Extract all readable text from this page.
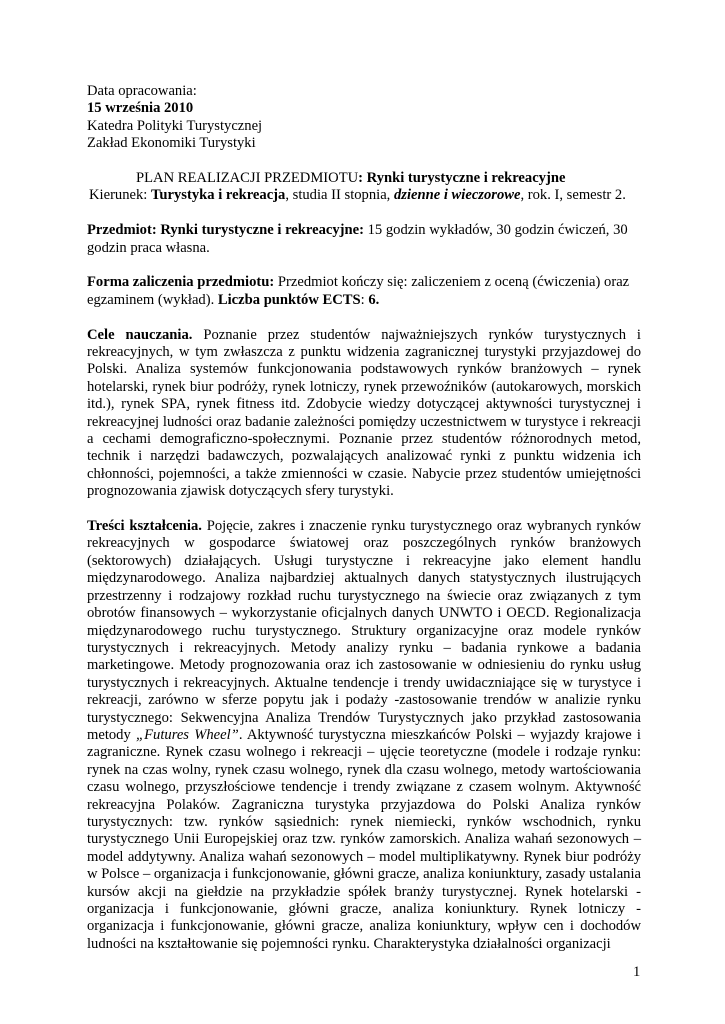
Data opracowania:
15 września 2010
Katedra Polityki Turystycznej
Zakład Ekonomiki Turystyki
PLAN REALIZACJI PRZEDMIOTU: Rynki turystyczne i rekreacyjne
Kierunek: Turystyka i rekreacja, studia II stopnia, dzienne i wieczorowe, rok. I, semestr 2.

Przedmiot: Rynki turystyczne i rekreacyjne: 15 godzin wykładów, 30 godzin ćwiczeń, 30 godzin praca własna.

Forma zaliczenia przedmiotu: Przedmiot kończy się: zaliczeniem z oceną (ćwiczenia) oraz egzaminem (wykład). Liczba punktów ECTS: 6.

Cele nauczania. Poznanie przez studentów najważniejszych rynków turystycznych i rekreacyjnych, w tym zwłaszcza z punktu widzenia zagranicznej turystyki przyjazdowej do Polski. Analiza systemów funkcjonowania podstawowych rynków branżowych – rynek hotelarski, rynek biur podróży, rynek lotniczy, rynek przewoźników (autokarowych, morskich itd.), rynek SPA, rynek fitness itd. Zdobycie wiedzy dotyczącej aktywności turystycznej i rekreacyjnej ludności oraz badanie zależności pomiędzy uczestnictwem w turystyce i rekreacji a cechami demograficzno-społecznymi. Poznanie przez studentów różnorodnych metod, technik i narzędzi badawczych, pozwalających analizować rynki z punktu widzenia ich chłonności, pojemności, a także zmienności w czasie. Nabycie przez studentów umiejętności prognozowania zjawisk dotyczących sfery turystyki.

Treści kształcenia. Pojęcie, zakres i znaczenie rynku turystycznego oraz wybranych rynków rekreacyjnych w gospodarce światowej oraz poszczególnych rynków branżowych (sektorowych) działających. Usługi turystyczne i rekreacyjne jako element handlu międzynarodowego. Analiza najbardziej aktualnych danych statystycznych ilustrujących przestrzenny i rodzajowy rozkład ruchu turystycznego na świecie oraz związanych z tym obrotów finansowych – wykorzystanie oficjalnych danych UNWTO i OECD. Regionalizacja międzynarodowego ruchu turystycznego. Struktury organizacyjne oraz modele rynków turystycznych i rekreacyjnych. Metody analizy rynku – badania rynkowe a badania marketingowe. Metody prognozowania oraz ich zastosowanie w odniesieniu do rynku usług turystycznych i rekreacyjnych. Aktualne tendencje i trendy uwidaczniające się w turystyce i rekreacji, zarówno w sferze popytu jak i podaży -zastosowanie trendów w analizie rynku turystycznego: Sekwencyjna Analiza Trendów Turystycznych jako przykład zastosowania metody „Futures Wheel”. Aktywność turystyczna mieszkańców Polski – wyjazdy krajowe i zagraniczne. Rynek czasu wolnego i rekreacji – ujęcie teoretyczne (modele i rodzaje rynku: rynek na czas wolny, rynek czasu wolnego, rynek dla czasu wolnego, metody wartościowania czasu wolnego, przyszłościowe tendencje i trendy związane z czasem wolnym. Aktywność rekreacyjna Polaków. Zagraniczna turystyka przyjazdowa do Polski Analiza rynków turystycznych: tzw. rynków sąsiednich: rynek niemiecki, rynków wschodnich, rynku turystycznego Unii Europejskiej oraz tzw. rynków zamorskich. Analiza wahań sezonowych – model addytywny. Analiza wahań sezonowych – model multiplikatywny. Rynek biur podróży w Polsce – organizacja i funkcjonowanie, główni gracze, analiza koniunktury, zasady ustalania kursów akcji na giełdzie na przykładzie spółek branży turystycznej. Rynek hotelarski - organizacja i funkcjonowanie, główni gracze, analiza koniunktury. Rynek lotniczy - organizacja i funkcjonowanie, główni gracze, analiza koniunktury, wpływ cen i dochodów ludności na kształtowanie się pojemności rynku. Charakterystyka działalności organizacji

1
